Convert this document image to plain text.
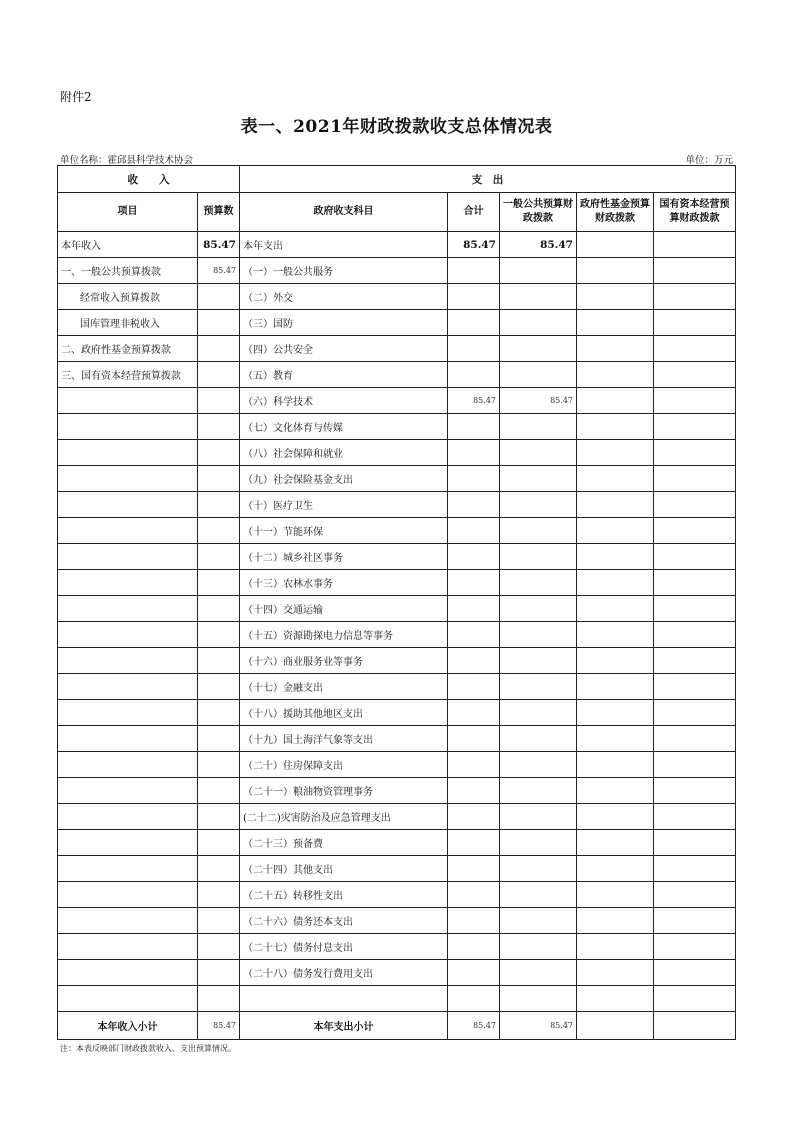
附件2
表一、2021年财政拨款收支总体情况表
单位名称：霍邱县科学技术协会	单位：万元
收　　入		支　出				
项目	预算数	政府收支科目	合计	一般公共预算财政拨款	政府性基金预算财政拨款	国有资本经营预算财政拨款
本年收入	85.47	本年支出	85.47	85.47		
一、一般公共预算拨款	85.47	（一）一般公共服务				
经常收入预算拨款		（二）外交				
国库管理非税收入		（三）国防				
二、政府性基金预算拨款		（四）公共安全				
三、国有资本经营预算拨款		（五）教育				
		（六）科学技术	85.47	85.47		
		（七）文化体育与传媒				
		（八）社会保障和就业				
		（九）社会保险基金支出				
		（十）医疗卫生				
		（十一）节能环保				
		（十二）城乡社区事务				
		（十三）农林水事务				
		（十四）交通运输				
		（十五）资源勘探电力信息等事务				
		（十六）商业服务业等事务				
		（十七）金融支出				
		（十八）援助其他地区支出				
		（十九）国土海洋气象等支出				
		（二十）住房保障支出				
		（二十一）粮油物资管理事务				
		(二十二)灾害防治及应急管理支出				
		（二十三）预备费				
		（二十四）其他支出				
		（二十五）转移性支出				
		（二十六）债务还本支出				
		（二十七）债务付息支出				
		（二十八）债务发行费用支出				

本年收入小计	85.47	本年支出小计	85.47	85.47		
注：本表反映部门财政拨款收入、支出预算情况。
